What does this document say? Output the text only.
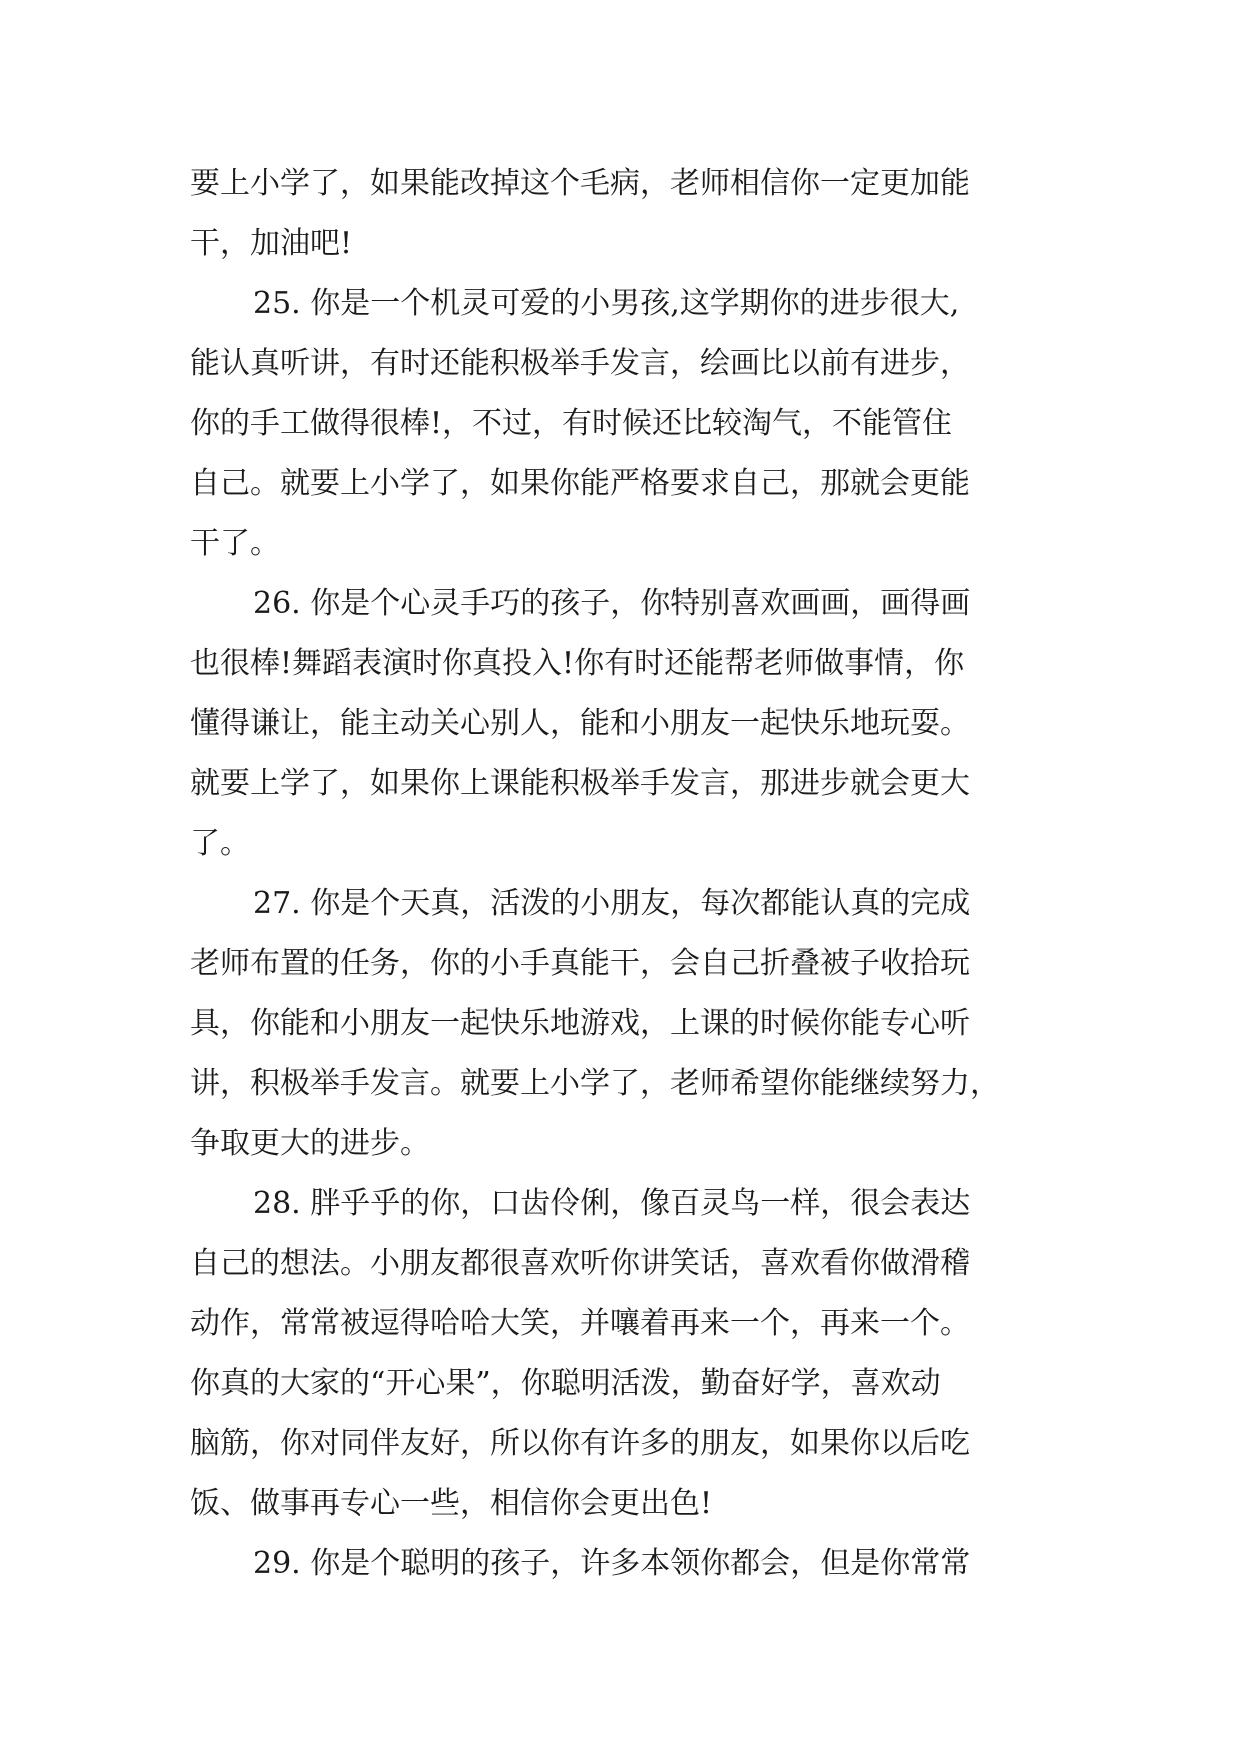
要上小学了，如果能改掉这个毛病，老师相信你一定更加能
干，加油吧!
25. 你是一个机灵可爱的小男孩,这学期你的进步很大,
能认真听讲，有时还能积极举手发言，绘画比以前有进步，
你的手工做得很棒!，不过，有时候还比较淘气，不能管住
自己。就要上小学了，如果你能严格要求自己，那就会更能
干了。
26. 你是个心灵手巧的孩子，你特别喜欢画画，画得画
也很棒!舞蹈表演时你真投入!你有时还能帮老师做事情，你
懂得谦让，能主动关心别人，能和小朋友一起快乐地玩耍。
就要上学了，如果你上课能积极举手发言，那进步就会更大
了。
27. 你是个天真，活泼的小朋友，每次都能认真的完成
老师布置的任务，你的小手真能干，会自己折叠被子收拾玩
具，你能和小朋友一起快乐地游戏，上课的时候你能专心听
讲，积极举手发言。就要上小学了，老师希望你能继续努力，
争取更大的进步。
28. 胖乎乎的你，口齿伶俐，像百灵鸟一样，很会表达
自己的想法。小朋友都很喜欢听你讲笑话，喜欢看你做滑稽
动作，常常被逗得哈哈大笑，并嚷着再来一个，再来一个。
你真的大家的“开心果”，你聪明活泼，勤奋好学，喜欢动
脑筋，你对同伴友好，所以你有许多的朋友，如果你以后吃
饭、做事再专心一些，相信你会更出色!
29. 你是个聪明的孩子，许多本领你都会，但是你常常
